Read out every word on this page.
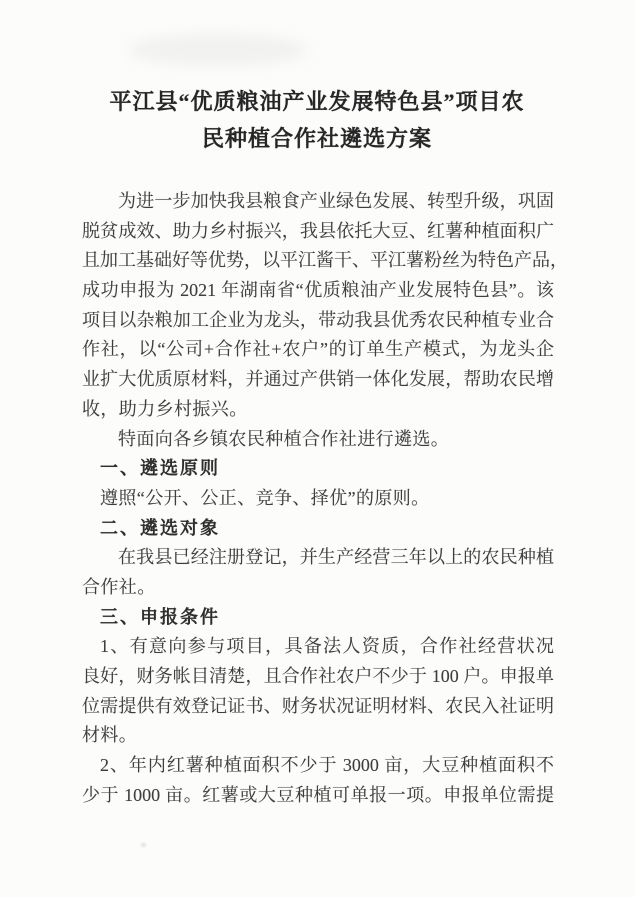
平江县“优质粮油产业发展特色县”项目农
民种植合作社遴选方案
为进一步加快我县粮食产业绿色发展、转型升级，巩固
脱贫成效、助力乡村振兴，我县依托大豆、红薯种植面积广
且加工基础好等优势，以平江酱干、平江薯粉丝为特色产品，
成功申报为 2021 年湖南省“优质粮油产业发展特色县”。该
项目以杂粮加工企业为龙头，带动我县优秀农民种植专业合
作社，以“公司+合作社+农户”的订单生产模式，为龙头企
业扩大优质原材料，并通过产供销一体化发展，帮助农民增
收，助力乡村振兴。
特面向各乡镇农民种植合作社进行遴选。
一、遴选原则
遵照“公开、公正、竞争、择优”的原则。
二、遴选对象
在我县已经注册登记，并生产经营三年以上的农民种植
合作社。
三、申报条件
1、有意向参与项目，具备法人资质，合作社经营状况
良好，财务帐目清楚，且合作社农户不少于 100 户。申报单
位需提供有效登记证书、财务状况证明材料、农民入社证明
材料。
2、年内红薯种植面积不少于 3000 亩，大豆种植面积不
少于 1000 亩。红薯或大豆种植可单报一项。申报单位需提
